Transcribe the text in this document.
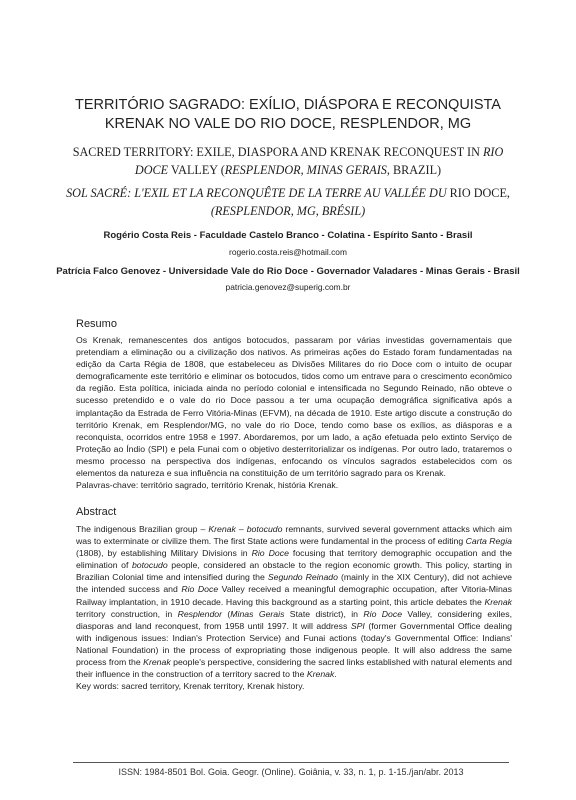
TERRITÓRIO SAGRADO: EXÍLIO, DIÁSPORA E RECONQUISTA KRENAK NO VALE DO RIO DOCE, RESPLENDOR, MG
SACRED TERRITORY: EXILE, DIASPORA AND KRENAK RECONQUEST IN RIO DOCE VALLEY (RESPLENDOR, MINAS GERAIS, BRAZIL)
SOL SACRÉ: L'EXIL ET LA RECONQUÊTE DE LA TERRE AU VALLÉE DU RIO DOCE, (RESPLENDOR, MG, BRÉSIL)
Rogério Costa Reis - Faculdade Castelo Branco - Colatina - Espírito Santo - Brasil
rogerio.costa.reis@hotmail.com
Patrícia Falco Genovez - Universidade Vale do Rio Doce - Governador Valadares - Minas Gerais - Brasil
patricia.genovez@superig.com.br
Resumo

Os Krenak, remanescentes dos antigos botocudos, passaram por várias investidas governamentais que pretendiam a eliminação ou a civilização dos nativos. As primeiras ações do Estado foram fundamentadas na edição da Carta Régia de 1808, que estabeleceu as Divisões Militares do rio Doce com o intuito de ocupar demograficamente este território e eliminar os botocudos, tidos como um entrave para o crescimento econômico da região. Esta política, iniciada ainda no período colonial e intensificada no Segundo Reinado, não obteve o sucesso pretendido e o vale do rio Doce passou a ter uma ocupação demográfica significativa após a implantação da Estrada de Ferro Vitória-Minas (EFVM), na década de 1910. Este artigo discute a construção do território Krenak, em Resplendor/MG, no vale do rio Doce, tendo como base os exílios, as diásporas e a reconquista, ocorridos entre 1958 e 1997. Abordaremos, por um lado, a ação efetuada pelo extinto Serviço de Proteção ao Índio (SPI) e pela Funai com o objetivo desterritorializar os indígenas. Por outro lado, trataremos o mesmo processo na perspectiva dos indígenas, enfocando os vínculos sagrados estabelecidos com os elementos da natureza e sua influência na constituição de um território sagrado para os Krenak.

Palavras-chave: território sagrado, território Krenak, história Krenak.

Abstract

The indigenous Brazilian group – Krenak – botocudo remnants, survived several government attacks which aim was to exterminate or civilize them. The first State actions were fundamental in the process of editing Carta Regia (1808), by establishing Military Divisions in Rio Doce focusing that territory demographic occupation and the elimination of botocudo people, considered an obstacle to the region economic growth. This policy, starting in Brazilian Colonial time and intensified during the Segundo Reinado (mainly in the XIX Century), did not achieve the intended success and Rio Doce Valley received a meaningful demographic occupation, after Vitoria-Minas Railway implantation, in 1910 decade. Having this background as a starting point, this article debates the Krenak territory construction, in Resplendor (Minas Gerais State district), in Rio Doce Valley, considering exiles, diasporas and land reconquest, from 1958 until 1997. It will address SPI (former Governmental Office dealing with indigenous issues: Indian's Protection Service) and Funai actions (today's Governmental Office: Indians' National Foundation) in the process of expropriating those indigenous people. It will also address the same process from the Krenak people's perspective, considering the sacred links established with natural elements and their influence in the construction of a territory sacred to the Krenak.

Key words: sacred territory, Krenak territory, Krenak history.

ISSN: 1984-8501 Bol. Goia. Geogr. (Online). Goiânia, v. 33, n. 1, p. 1-15./jan/abr. 2013
